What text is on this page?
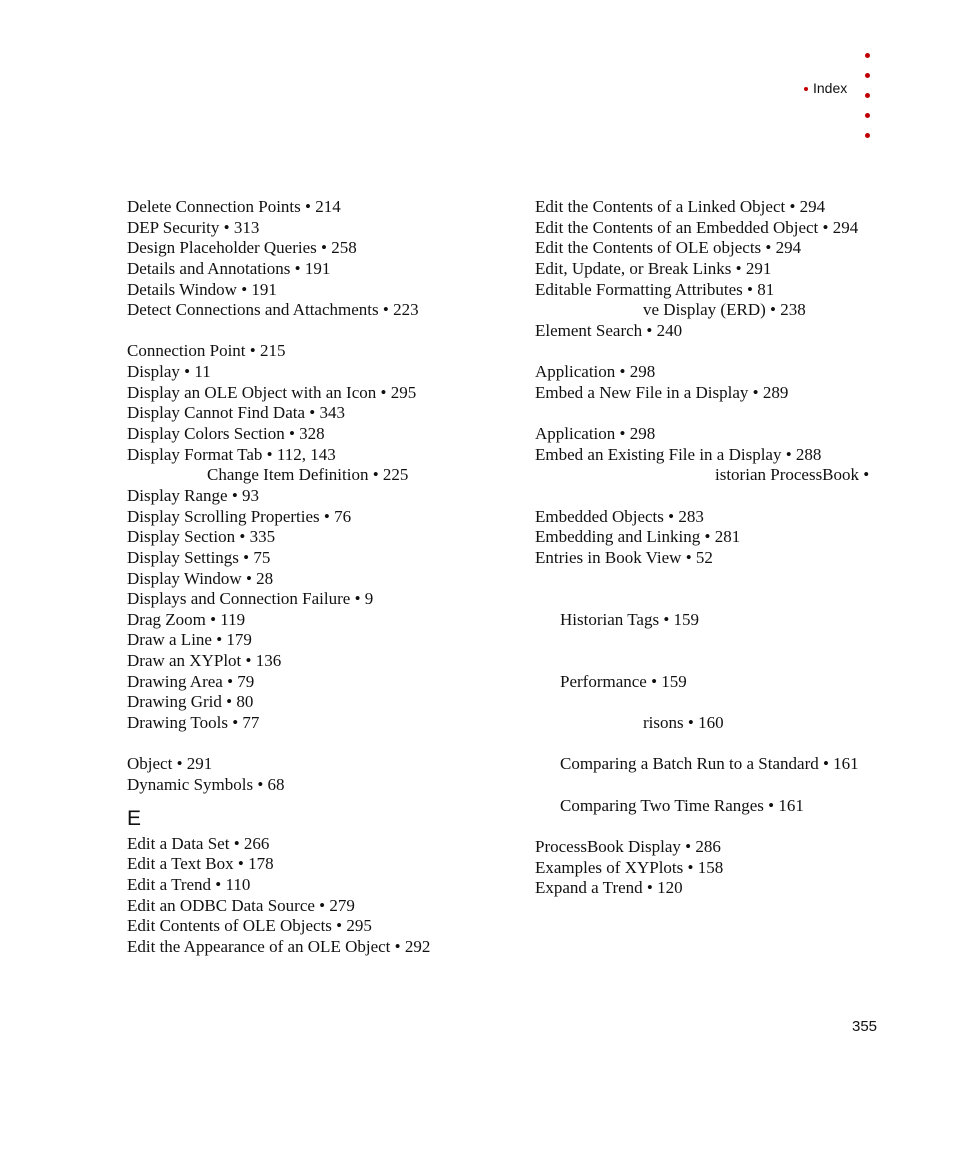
Index
Delete Connection Points • 214
DEP Security • 313
Design Placeholder Queries • 258
Details and Annotations • 191
Details Window • 191
Detect Connections and Attachments • 223
Connection Point • 215
Display • 11
Display an OLE Object with an Icon • 295
Display Cannot Find Data • 343
Display Colors Section • 328
Display Format Tab • 112, 143
Change Item Definition • 225
Display Range • 93
Display Scrolling Properties • 76
Display Section • 335
Display Settings • 75
Display Window • 28
Displays and Connection Failure • 9
Drag Zoom • 119
Draw a Line • 179
Draw an XYPlot • 136
Drawing Area • 79
Drawing Grid • 80
Drawing Tools • 77
Object • 291
Dynamic Symbols • 68
E
Edit a Data Set • 266
Edit a Text Box • 178
Edit a Trend • 110
Edit an ODBC Data Source • 279
Edit Contents of OLE Objects • 295
Edit the Appearance of an OLE Object • 292
Edit the Contents of a Linked Object • 294
Edit the Contents of an Embedded Object • 294
Edit the Contents of OLE objects • 294
Edit, Update, or Break Links • 291
Editable Formatting Attributes • 81
ve Display (ERD) • 238
Element Search • 240
Application • 298
Embed a New File in a Display • 289
Application • 298
Embed an Existing File in a Display • 288
istorian ProcessBook •
Embedded Objects • 283
Embedding and Linking • 281
Entries in Book View • 52
Historian Tags • 159
Performance • 159
risons • 160
Comparing a Batch Run to a Standard • 161
Comparing Two Time Ranges • 161
ProcessBook Display • 286
Examples of XYPlots • 158
Expand a Trend • 120
355
